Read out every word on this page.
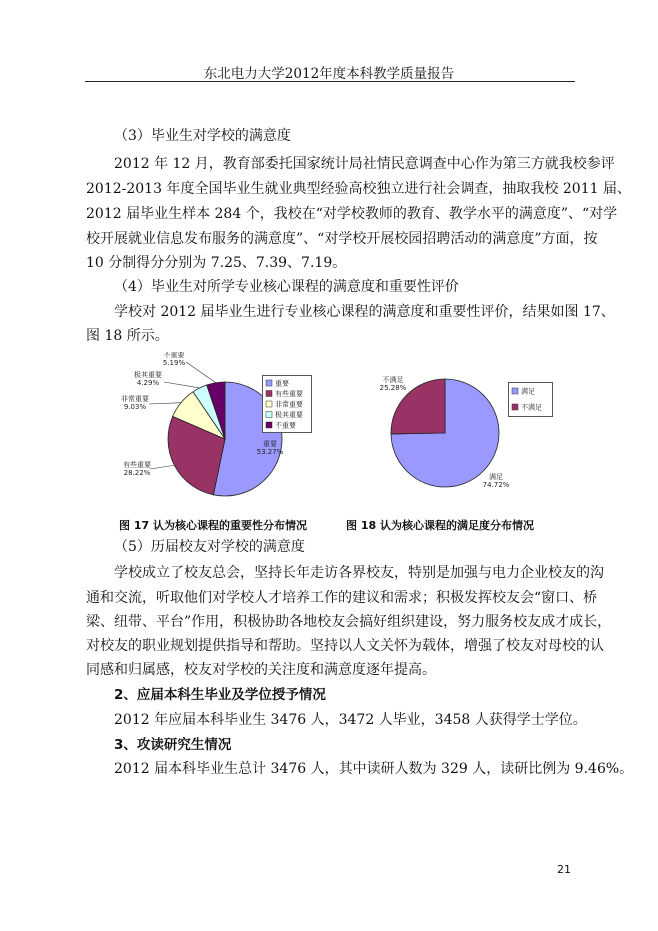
东北电力大学2012年度本科教学质量报告
（3）毕业生对学校的满意度
2012 年 12 月，教育部委托国家统计局社情民意调查中心作为第三方就我校参评
2012-2013 年度全国毕业生就业典型经验高校独立进行社会调查，抽取我校 2011 届、
2012 届毕业生样本 284 个，我校在“对学校教师的教育、教学水平的满意度”、“对学
校开展就业信息发布服务的满意度”、“对学校开展校园招聘活动的满意度”方面，按
10 分制得分分别为 7.25、7.39、7.19。
（4）毕业生对所学专业核心课程的满意度和重要性评价
学校对 2012 届毕业生进行专业核心课程的满意度和重要性评价，结果如图 17、
图 18 所示。
重要
53.27%
有些重要
28.22%
非常重要
9.03%
极其重要
4.29%
不重要
5.19%
重要
有些重要
非常重要
极其重要
不重要
图 17 认为核心课程的重要性分布情况
满足
74.72%
不满足
25.28%	满足
不满足
图 18 认为核心课程的满足度分布情况
（5）历届校友对学校的满意度
学校成立了校友总会，坚持长年走访各界校友，特别是加强与电力企业校友的沟
通和交流，听取他们对学校人才培养工作的建议和需求；积极发挥校友会“窗口、桥
梁、纽带、平台”作用，积极协助各地校友会搞好组织建设，努力服务校友成才成长，
对校友的职业规划提供指导和帮助。坚持以人文关怀为载体，增强了校友对母校的认
同感和归属感，校友对学校的关注度和满意度逐年提高。
2、应届本科生毕业及学位授予情况
2012 年应届本科毕业生 3476 人，3472 人毕业，3458 人获得学士学位。
3、攻读研究生情况
2012 届本科毕业生总计 3476 人，其中读研人数为 329 人，读研比例为 9.46%。
21
